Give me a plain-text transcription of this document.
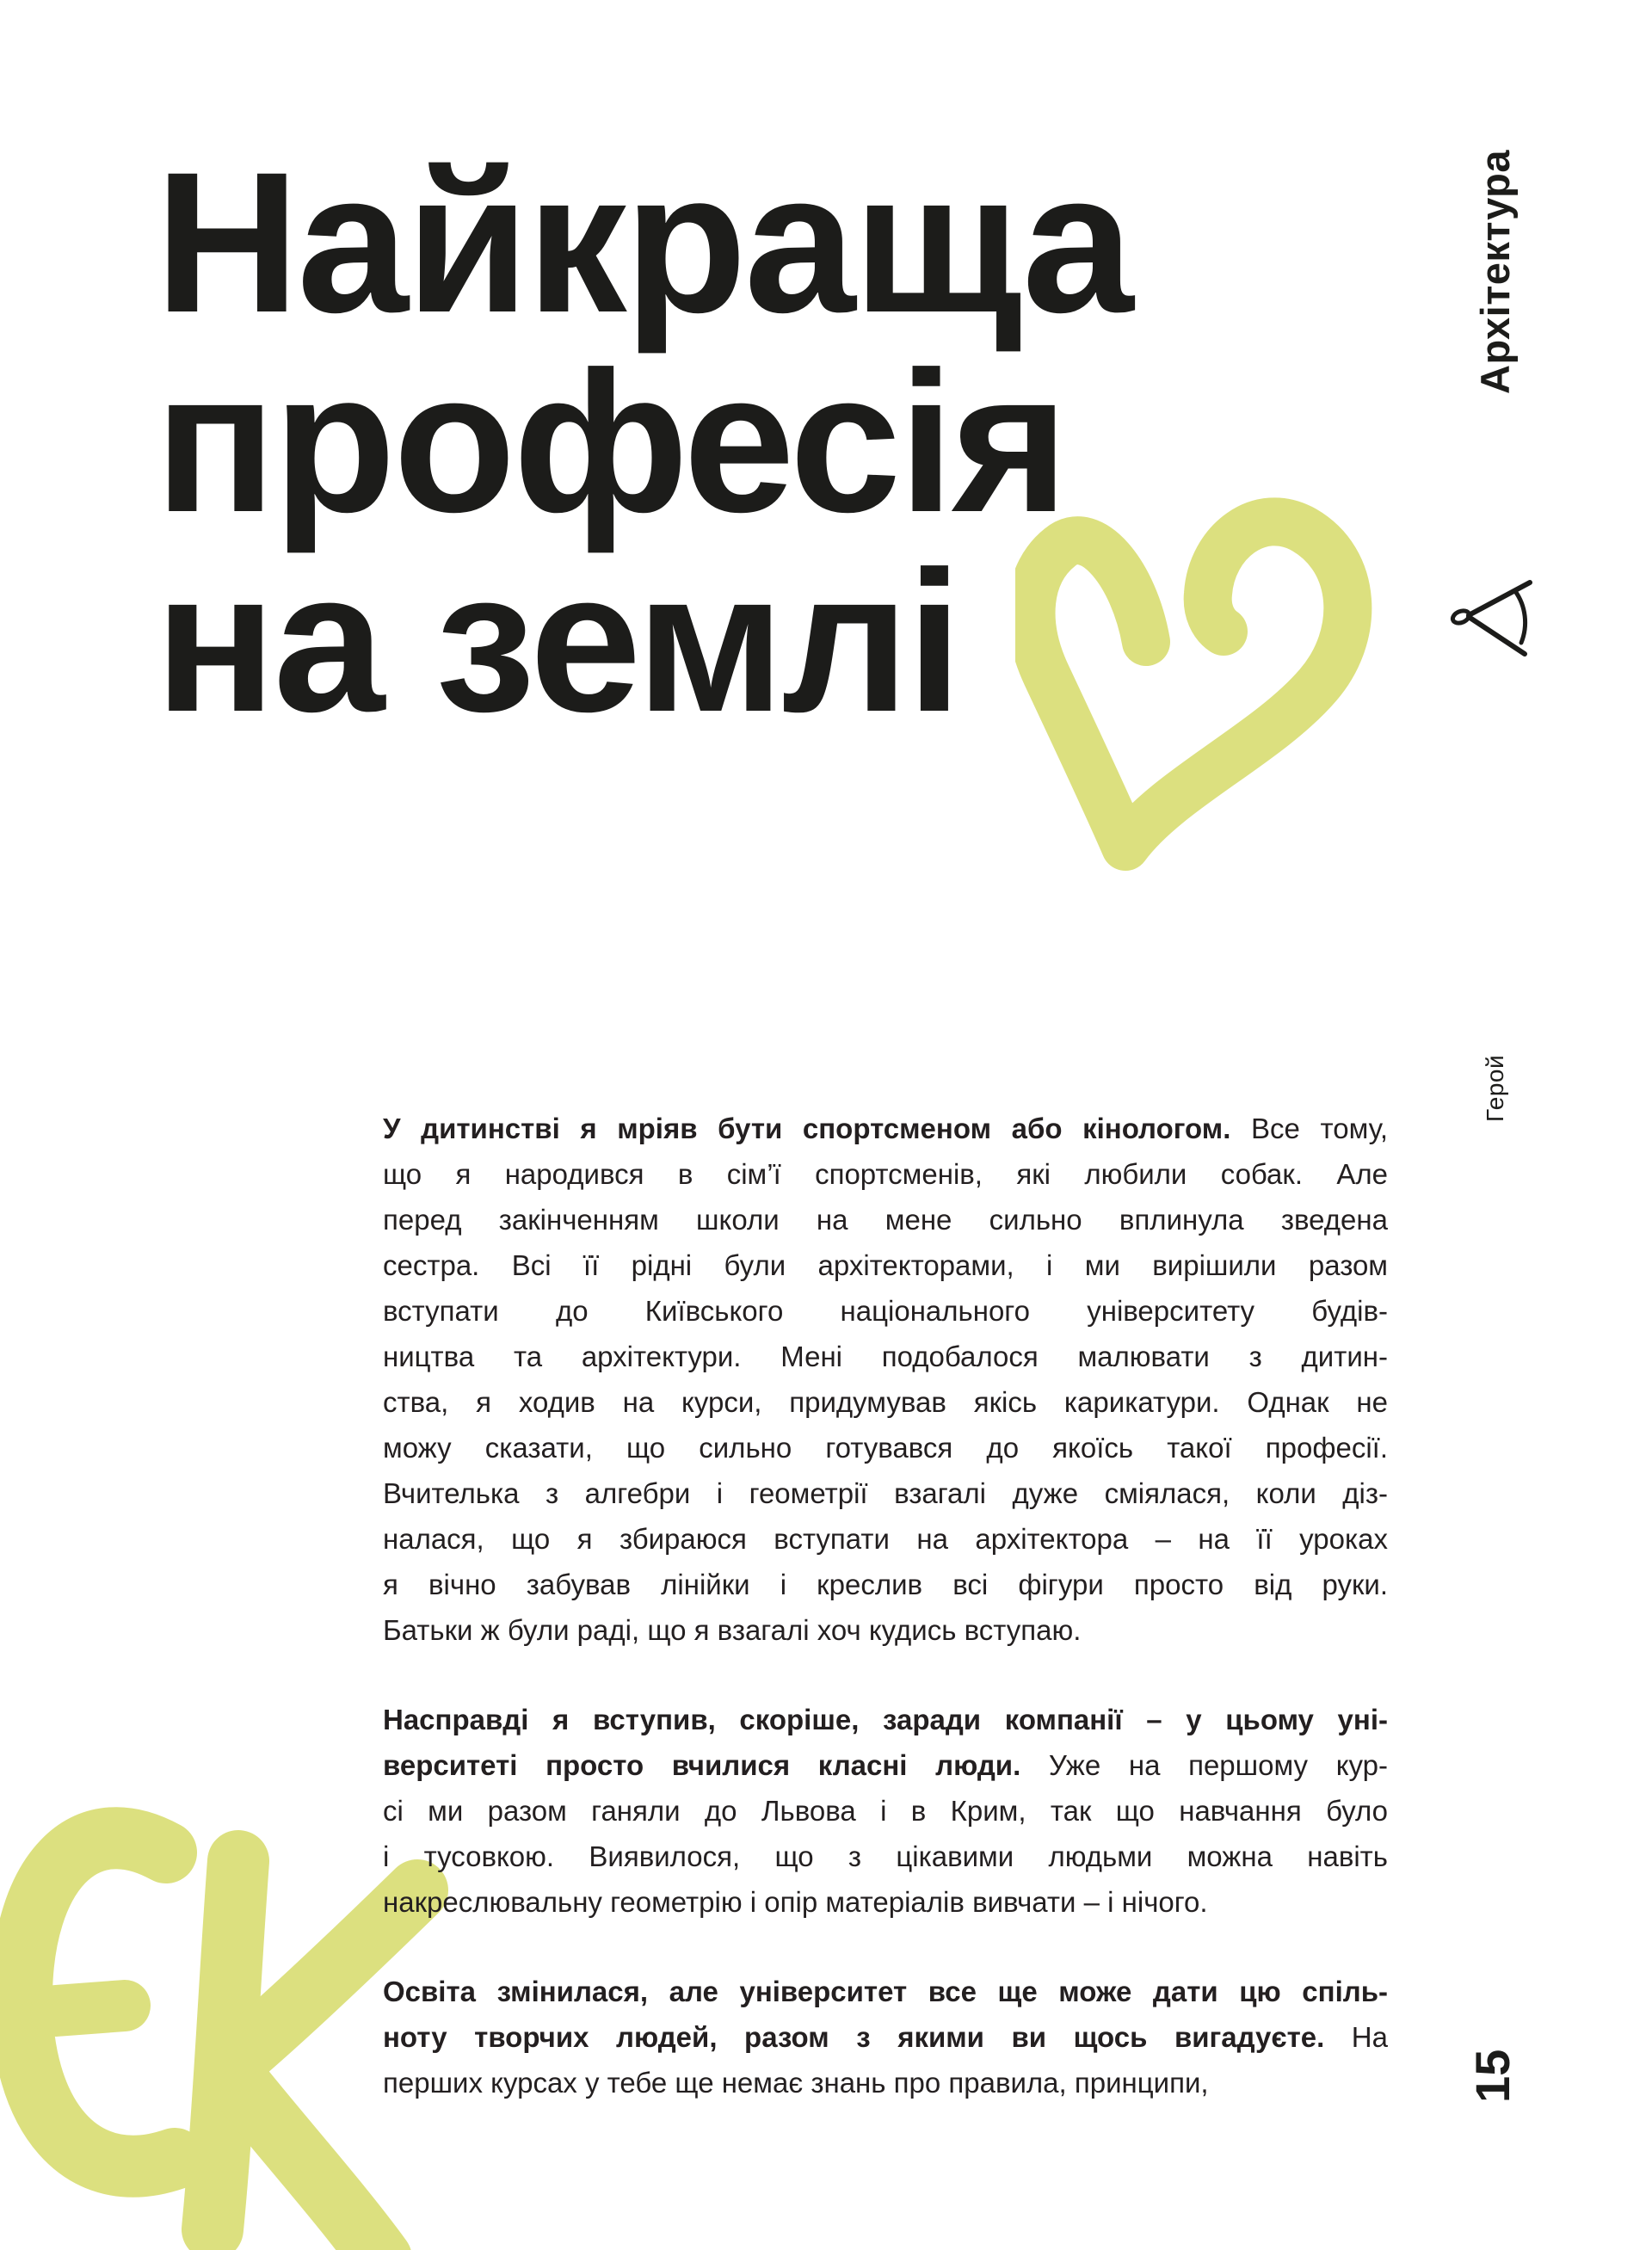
Найкраща
професія
на землі
Архітектура
Герой
У дитинстві я мріяв бути спортсменом або кінологом. Все тому,
що я народився в сім’ї спортсменів, які любили собак. Але
перед закінченням школи на мене сильно вплинула зведена
сестра. Всі її рідні були архітекторами, і ми вирішили разом
вступати до Київського національного університету будів-
ництва та архітектури. Мені подобалося малювати з дитин-
ства, я ходив на курси, придумував якісь карикатури. Однак не
можу сказати, що сильно готувався до якоїсь такої професії.
Вчителька з алгебри і геометрії взагалі дуже сміялася, коли діз-
налася, що я збираюся вступати на архітектора – на її уроках
я вічно забував лінійки і креслив всі фігури просто від руки.
Батьки ж були раді, що я взагалі хоч кудись вступаю.
Насправді я вступив, скоріше, заради компанії – у цьому уні-
верситеті просто вчилися класні люди. Уже на першому кур-
сі ми разом ганяли до Львова і в Крим, так що навчання було
і тусовкою. Виявилося, що з цікавими людьми можна навіть
накреслювальну геометрію і опір матеріалів вивчати – і нічого.
Освіта змінилася, але університет все ще може дати цю спіль-
ноту творчих людей, разом з якими ви щось вигадуєте. На
перших курсах у тебе ще немає знань про правила, принципи,	15
